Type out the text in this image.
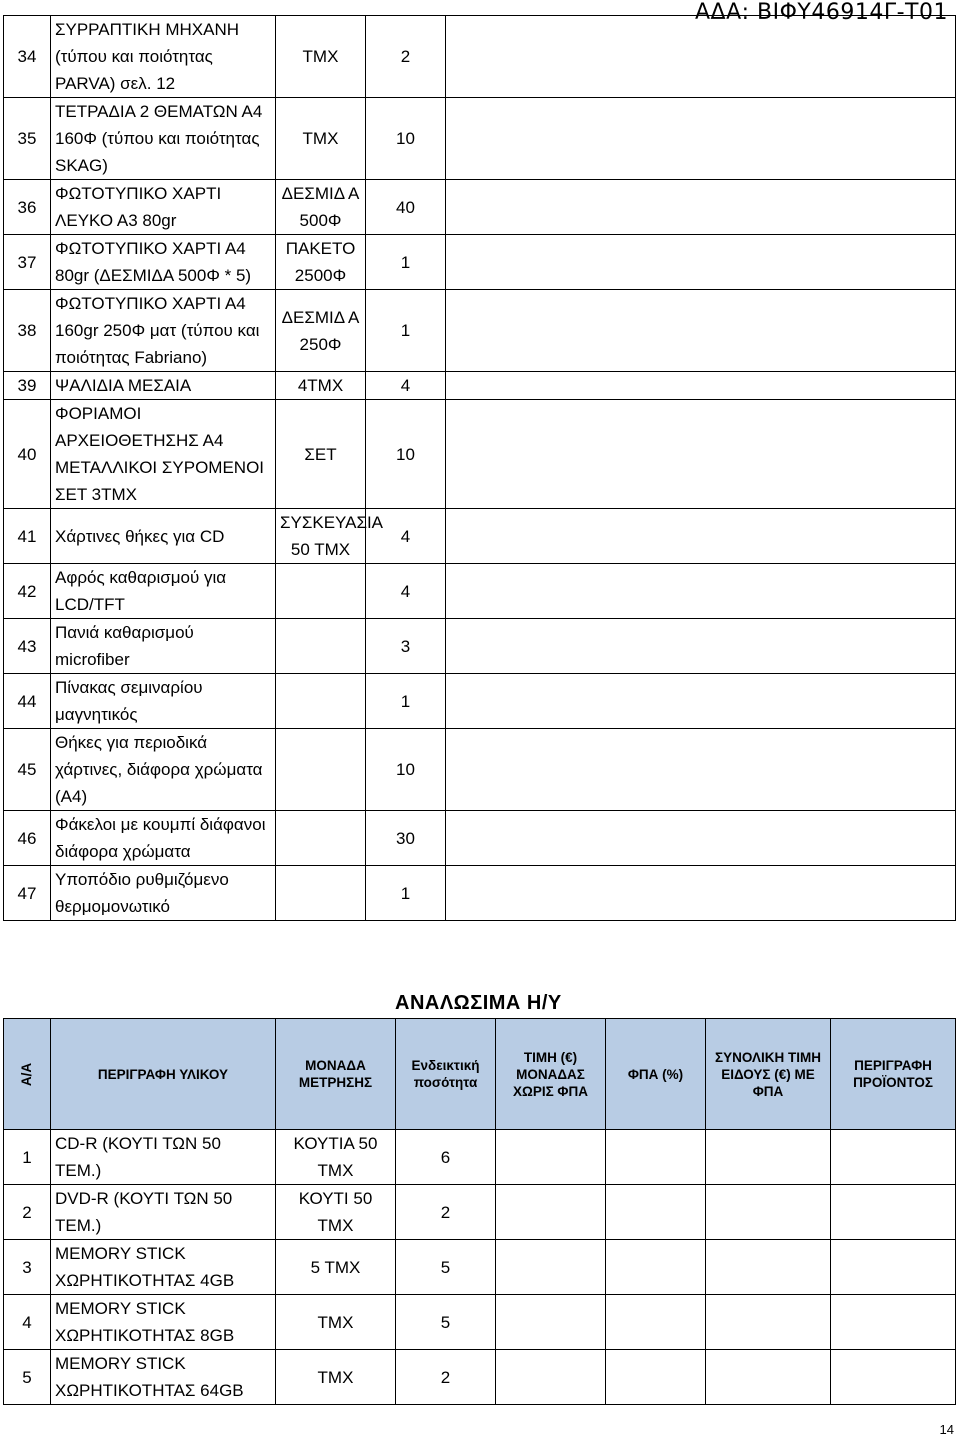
ΑΔΑ: ΒΙΦΥ46914Γ-Τ01
34	ΣΥΡΡΑΠΤΙΚΗ ΜΗΧΑΝΗ (τύπου και ποιότητας PARVA) σελ. 12	ΤΜΧ	2	
35	ΤΕΤΡΑΔΙΑ 2 ΘΕΜΑΤΩΝ Α4 160Φ (τύπου και ποιότητας SKAG)	ΤΜΧ	10	
36	ΦΩΤΟΤΥΠΙΚΟ ΧΑΡΤΙ ΛΕΥΚΟ Α3 80gr	ΔΕΣΜΙΔ Α 500Φ	40	
37	ΦΩΤΟΤΥΠΙΚΟ ΧΑΡΤΙ Α4 80gr (ΔΕΣΜΙΔΑ 500Φ * 5)	ΠΑΚΕΤΟ 2500Φ	1	
38	ΦΩΤΟΤΥΠΙΚΟ ΧΑΡΤΙ Α4 160gr 250Φ ματ (τύπου και ποιότητας Fabriano)	ΔΕΣΜΙΔ Α 250Φ	1	
39	ΨΑΛΙΔΙΑ ΜΕΣΑΙΑ	4ΤΜΧ	4	
40	ΦΟΡΙΑΜΟΙ ΑΡΧΕΙΟΘΕΤΗΣΗΣ Α4 ΜΕΤΑΛΛΙΚΟΙ ΣΥΡΟΜΕΝΟΙ ΣΕΤ 3ΤΜΧ	ΣΕΤ	10	
41	Χάρτινες θήκες για CD	ΣΥΣΚΕΥΑΣΙΑ 50 ΤΜΧ	4	
42	Αφρός καθαρισμού για LCD/TFT		4	
43	Πανιά καθαρισμού microfiber		3	
44	Πίνακας σεμιναρίου μαγνητικός		1	
45	Θήκες για περιοδικά χάρτινες, διάφορα χρώματα (Α4)		10	
46	Φάκελοι με κουμπί διάφανοι διάφορα χρώματα		30	
47	Υποπόδιο ρυθμιζόμενο θερμομονωτικό		1	
ΑΝΑΛΩΣΙΜΑ Η/Υ
Α/Α	ΠΕΡΙΓΡΑΦΗ ΥΛΙΚΟΥ	ΜΟΝΑΔΑ ΜΕΤΡΗΣΗΣ	Ενδεικτική ποσότητα	ΤΙΜΗ (€) ΜΟΝΑΔΑΣ ΧΩΡΙΣ ΦΠΑ	ΦΠΑ (%)	ΣΥΝΟΛΙΚΗ ΤΙΜΗ ΕΙΔΟΥΣ (€) ΜΕ ΦΠΑ	ΠΕΡΙΓΡΑΦΗ ΠΡΟΪΟΝΤΟΣ
1	CD-R (ΚΟΥΤΙ ΤΩΝ 50 ΤΕΜ.)	ΚΟΥΤΙΑ 50 ΤΜΧ	6				
2	DVD-R (ΚΟΥΤΙ ΤΩΝ 50 ΤΕΜ.)	ΚΟΥΤΙ 50 ΤΜΧ	2				
3	MEMORY STICK ΧΩΡΗΤΙΚΟΤΗΤΑΣ 4GB	5 ΤΜΧ	5				
4	MEMORY STICK ΧΩΡΗΤΙΚΟΤΗΤΑΣ 8GB	ΤΜΧ	5				
5	MEMORY STICK ΧΩΡΗΤΙΚΟΤΗΤΑΣ 64GB	ΤΜΧ	2				
14
